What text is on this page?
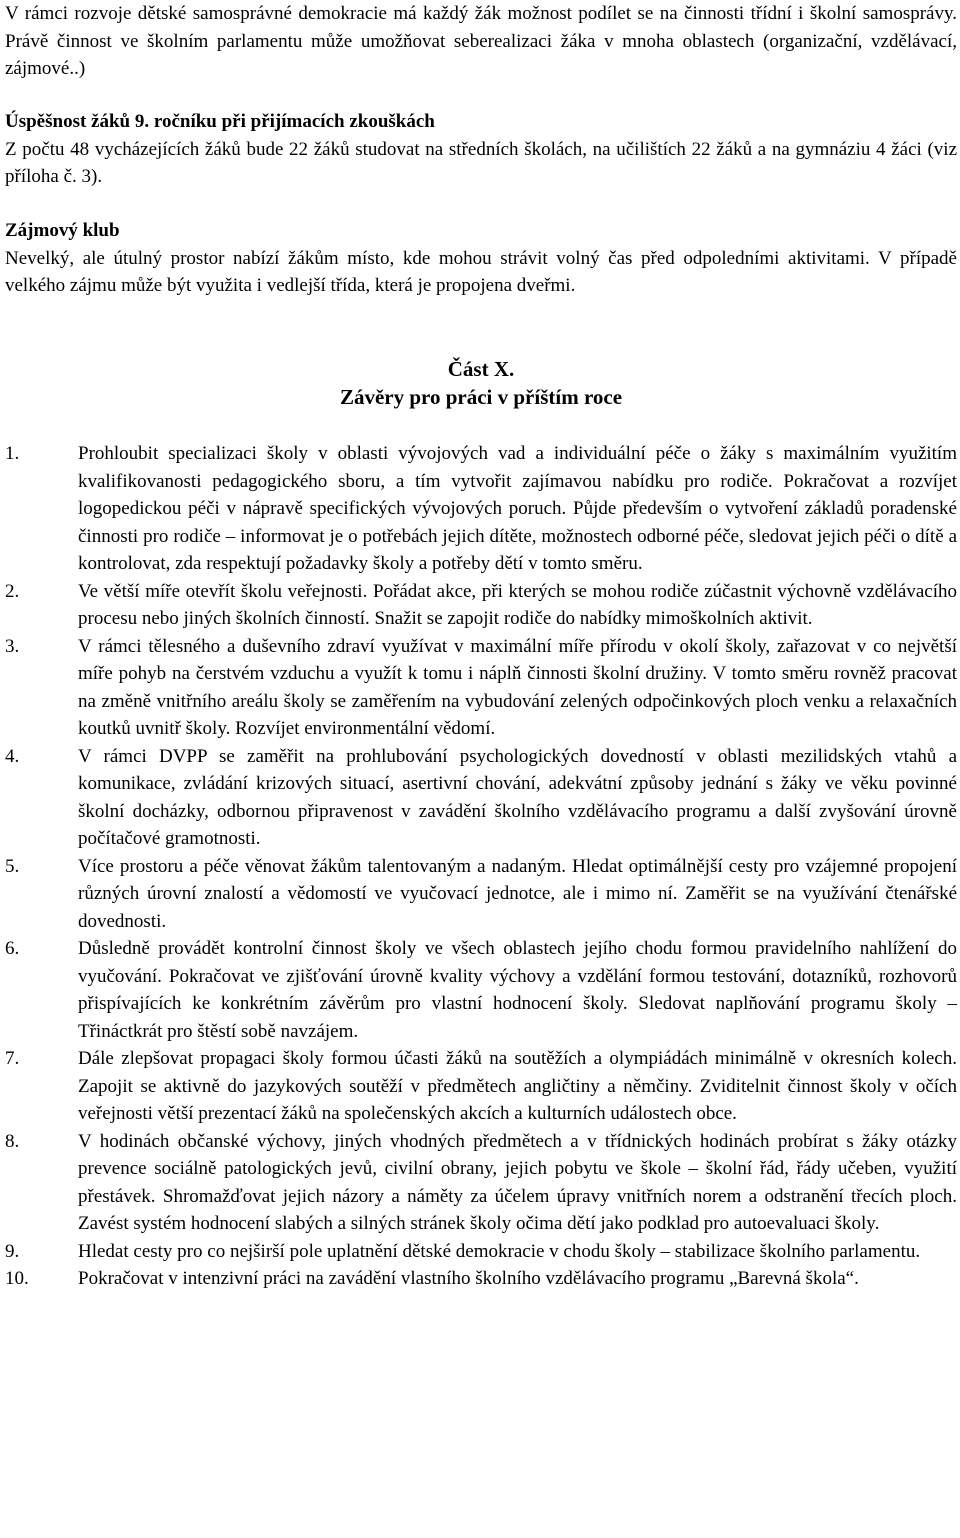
V rámci rozvoje dětské samosprávné demokracie má každý žák možnost podílet se na činnosti třídní i školní samosprávy. Právě činnost ve školním parlamentu může umožňovat seberealizaci žáka v mnoha oblastech (organizační, vzdělávací, zájmové..)

Úspěšnost žáků 9. ročníku při přijímacích zkouškách

Z počtu 48 vycházejících žáků bude 22 žáků studovat na středních školách, na učilištích 22 žáků a na gymnáziu 4 žáci (viz příloha č. 3).

Zájmový klub

Nevelký, ale útulný prostor nabízí žákům místo, kde mohou strávit volný čas před odpoledními aktivitami. V případě velkého zájmu může být využita i vedlejší třída, která je propojena dveřmi.

Část X.
Závěry pro práci v příštím roce
1.	Prohloubit specializaci školy v oblasti vývojových vad a individuální péče o žáky s maximálním využitím kvalifikovanosti pedagogického sboru, a tím vytvořit zajímavou nabídku pro rodiče. Pokračovat a rozvíjet logopedickou péči v nápravě specifických vývojových poruch. Půjde především o vytvoření základů poradenské činnosti pro rodiče – informovat je o potřebách jejich dítěte, možnostech odborné péče, sledovat jejich péči o dítě a kontrolovat, zda respektují požadavky školy a potřeby dětí v tomto směru.
2.	Ve větší míře otevřít školu veřejnosti. Pořádat akce, při kterých se mohou rodiče zúčastnit výchovně vzdělávacího procesu nebo jiných školních činností. Snažit se zapojit rodiče do nabídky mimoškolních aktivit.
3.	V rámci tělesného a duševního zdraví využívat v maximální míře přírodu v okolí školy, zařazovat v co největší míře pohyb na čerstvém vzduchu a využít k tomu i náplň činnosti školní družiny. V tomto směru rovněž pracovat na změně vnitřního areálu školy se zaměřením na vybudování zelených odpočinkových ploch venku a relaxačních koutků uvnitř školy. Rozvíjet environmentální vědomí.
4.	V rámci DVPP se zaměřit na prohlubování psychologických dovedností v oblasti mezilidských vtahů a komunikace, zvládání krizových situací, asertivní chování, adekvátní způsoby jednání s žáky ve věku povinné školní docházky, odbornou připravenost v zavádění školního vzdělávacího programu a další zvyšování úrovně počítačové gramotnosti.
5.	Více prostoru a péče věnovat žákům talentovaným a nadaným. Hledat optimálnější cesty pro vzájemné propojení různých úrovní znalostí a vědomostí ve vyučovací jednotce, ale i mimo ní. Zaměřit se na využívání čtenářské dovednosti.
6.	Důsledně provádět kontrolní činnost školy ve všech oblastech jejího chodu formou pravidelního nahlížení do vyučování. Pokračovat ve zjišťování úrovně kvality výchovy a vzdělání formou testování, dotazníků, rozhovorů přispívajících ke konkrétním závěrům pro vlastní hodnocení školy. Sledovat naplňování programu školy – Třináctkrát pro štěstí sobě navzájem.
7.	Dále zlepšovat propagaci školy formou účasti žáků na soutěžích a olympiádách minimálně v okresních kolech. Zapojit se aktivně do jazykových soutěží v předmětech angličtiny a němčiny. Zviditelnit činnost školy v očích veřejnosti větší prezentací žáků na společenských akcích a kulturních událostech obce.
8.	V hodinách občanské výchovy, jiných vhodných předmětech a v třídnických hodinách probírat s žáky otázky prevence sociálně patologických jevů, civilní obrany, jejich pobytu ve škole – školní řád, řády učeben, využití přestávek. Shromažďovat jejich názory a náměty za účelem úpravy vnitřních norem a odstranění třecích ploch. Zavést systém hodnocení slabých a silných stránek školy očima dětí jako podklad pro autoevaluaci školy.
9.	Hledat cesty pro co nejširší pole uplatnění dětské demokracie v chodu školy – stabilizace školního parlamentu.
10.	Pokračovat v intenzivní práci na zavádění vlastního školního vzdělávacího programu „Barevná škola“.
